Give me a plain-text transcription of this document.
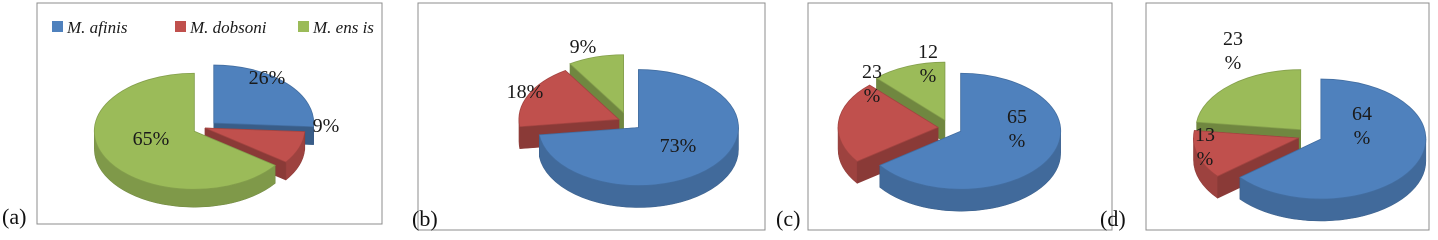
(a)
26%
9%
65%
M. afinis	M. dobsoni	M. ens is
(b)
73%
18%
9%
(c)
65 %
23 %
12 %
(d)
64 %
13 %
23 %
